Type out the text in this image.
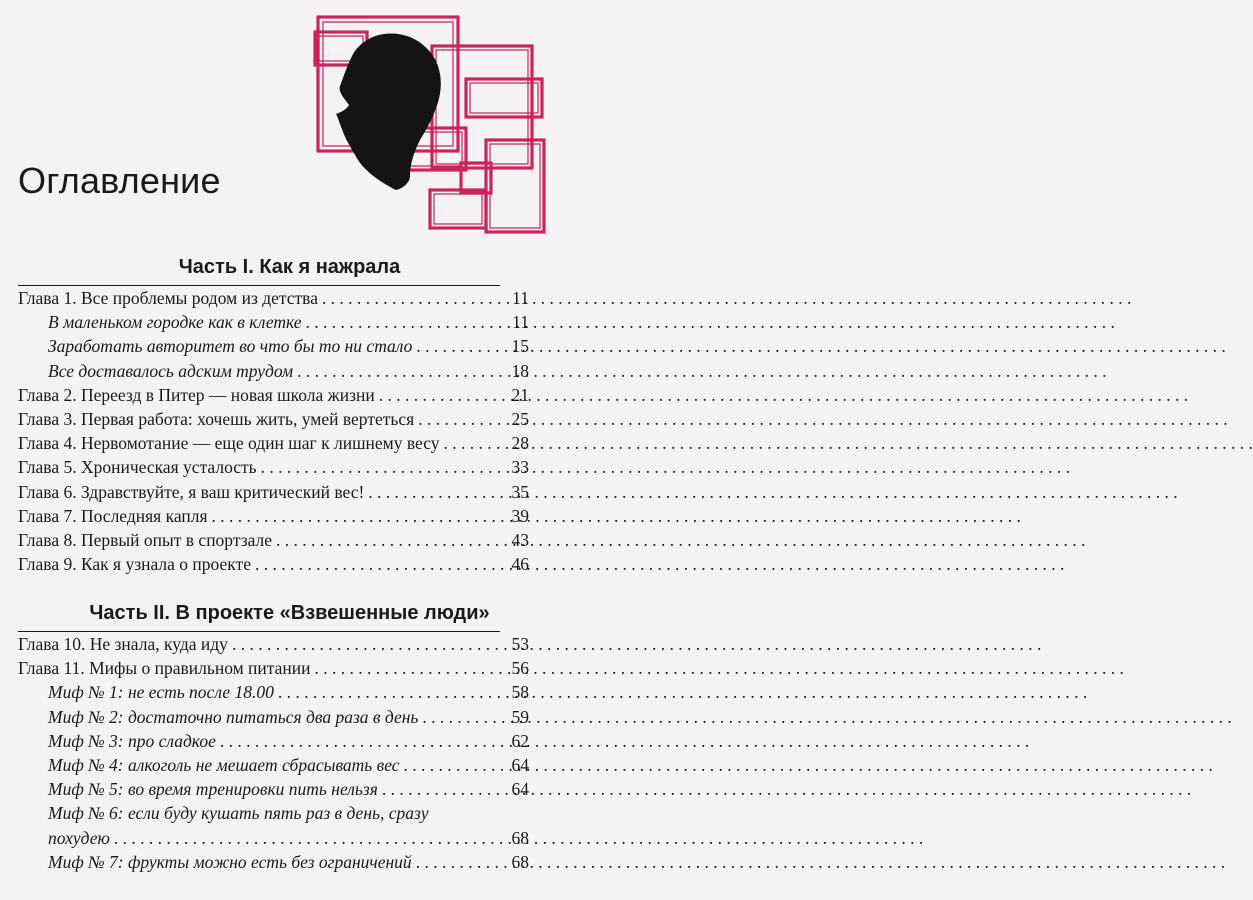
Оглавление
Часть I. Как я нажрала
Глава 1. Все проблемы родом из детства . . .	11
В маленьком городке как в клетке . . .	11
Заработать авторитет во что бы то ни стало . . .	15
Все доставалось адским трудом . . .	18
Глава 2. Переезд в Питер — новая школа жизни . . .	21
Глава 3. Первая работа: хочешь жить, умей вертеться . . .	25
Глава 4. Нервомотание — еще один шаг к лишнему весу . . .	28
Глава 5. Хроническая усталость . . .	33
Глава 6. Здравствуйте, я ваш критический вес! . . .	35
Глава 7. Последняя капля . . .	39
Глава 8. Первый опыт в спортзале . . .	43
Глава 9. Как я узнала о проекте . . .	46
Часть II. В проекте «Взвешенные люди»
Глава 10. Не знала, куда иду . . .	53
Глава 11. Мифы о правильном питании . . .	56
Миф № 1: не есть после 18.00 . . .	58
Миф № 2: достаточно питаться два раза в день . . .	59
Миф № 3: про сладкое . . .	62
Миф № 4: алкоголь не мешает сбрасывать вес . . .	64
Миф № 5: во время тренировки пить нельзя . . .	64
Миф № 6: если буду кушать пять раз в день, сразу
похудею . . .	68
Миф № 7: фрукты можно есть без ограничений . . .	68
